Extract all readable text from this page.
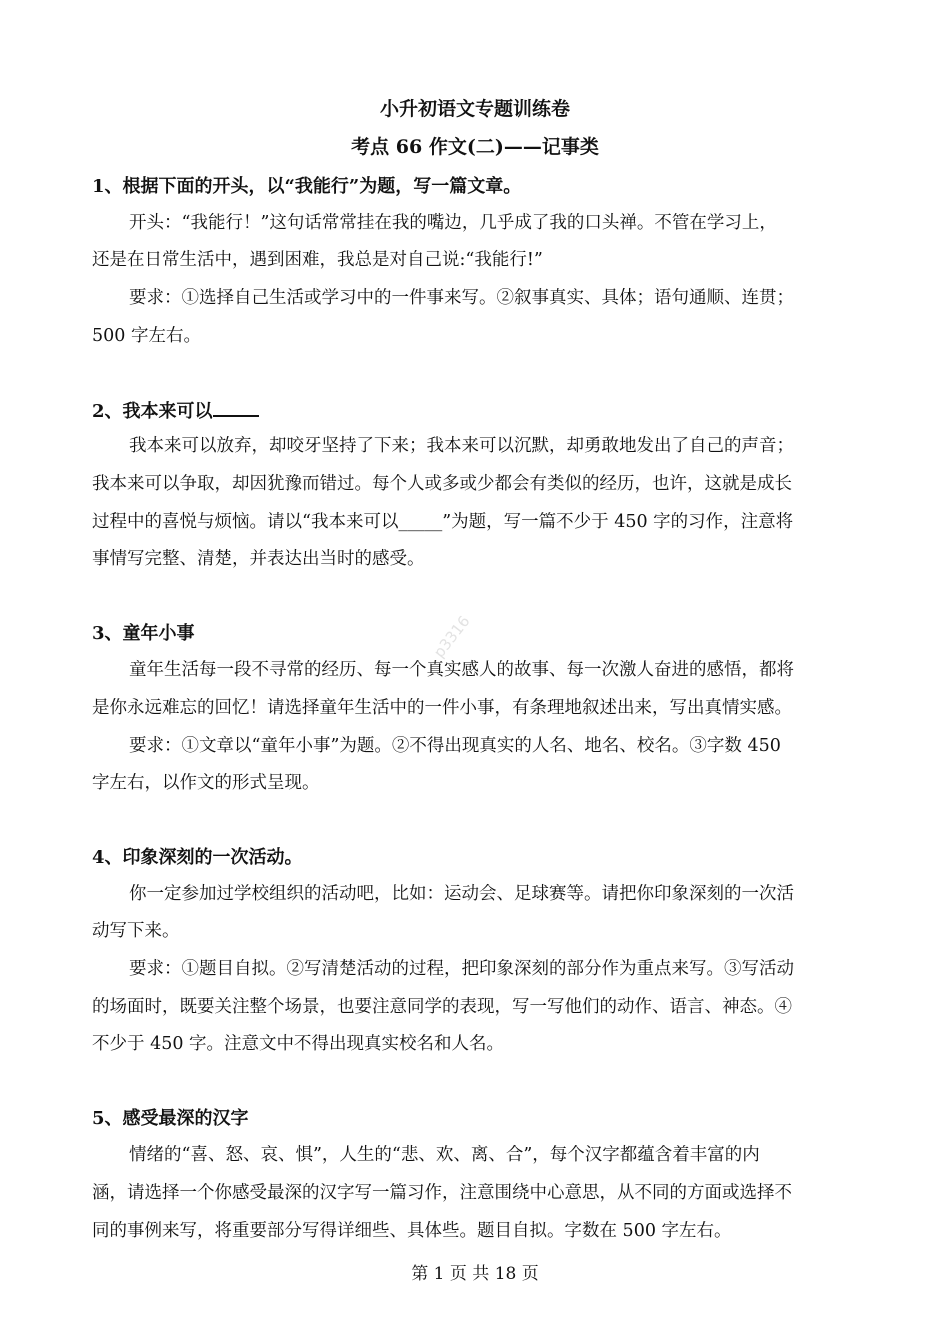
小升初语文专题训练卷
考点 66 作文(二)——记事类
1、根据下面的开头，以“我能行”为题，写一篇文章。
开头：“我能行！”这句话常常挂在我的嘴边，几乎成了我的口头禅。不管在学习上，
还是在日常生活中，遇到困难，我总是对自己说:“我能行!”
要求：①选择自己生活或学习中的一件事来写。②叙事真实、具体；语句通顺、连贯；
500 字左右。
2、我本来可以
我本来可以放弃，却咬牙坚持了下来；我本来可以沉默，却勇敢地发出了自己的声音；
我本来可以争取，却因犹豫而错过。每个人或多或少都会有类似的经历，也许，这就是成长
过程中的喜悦与烦恼。请以“我本来可以_____”为题，写一篇不少于 450 字的习作，注意将
事情写完整、清楚，并表达出当时的感受。
3、童年小事
童年生活每一段不寻常的经历、每一个真实感人的故事、每一次激人奋进的感悟，都将
是你永远难忘的回忆！请选择童年生活中的一件小事，有条理地叙述出来，写出真情实感。
要求：①文章以“童年小事”为题。②不得出现真实的人名、地名、校名。③字数 450
字左右，以作文的形式呈现。
4、印象深刻的一次活动。
你一定参加过学校组织的活动吧，比如：运动会、足球赛等。请把你印象深刻的一次活
动写下来。
要求：①题目自拟。②写清楚活动的过程，把印象深刻的部分作为重点来写。③写活动
的场面时，既要关注整个场景，也要注意同学的表现，写一写他们的动作、语言、神态。④
不少于 450 字。注意文中不得出现真实校名和人名。
5、感受最深的汉字
情绪的“喜、怒、哀、惧”，人生的“悲、欢、离、合”，每个汉字都蕴含着丰富的内
涵，请选择一个你感受最深的汉字写一篇习作，注意围绕中心意思，从不同的方面或选择不
同的事例来写，将重要部分写得详细些、具体些。题目自拟。字数在 500 字左右。
p3316
第 1 页 共 18 页
